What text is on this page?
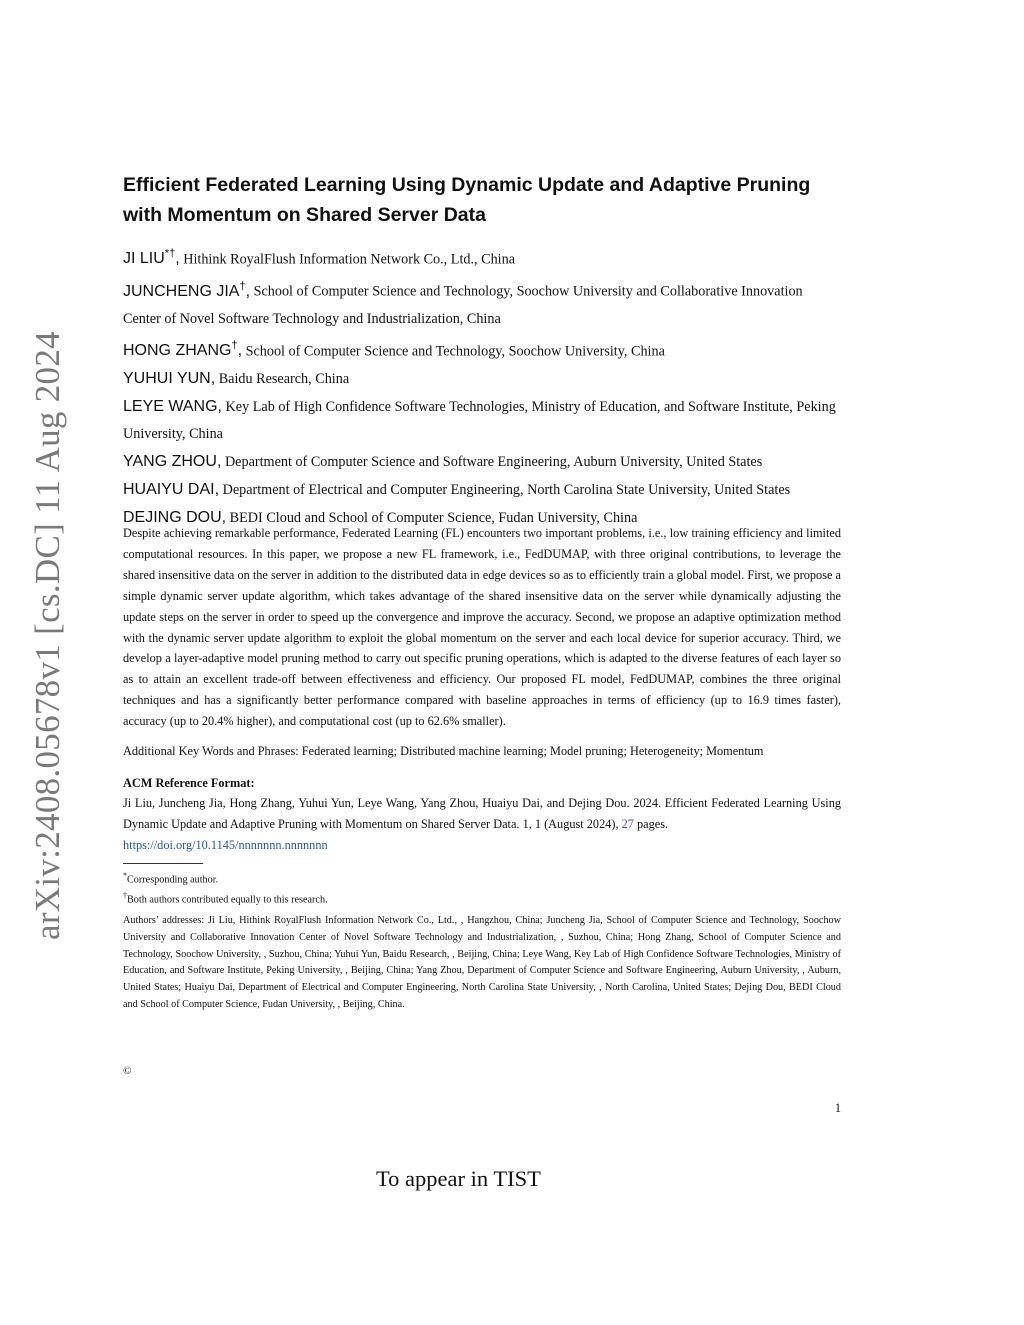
arXiv:2408.05678v1 [cs.DC] 11 Aug 2024
Efficient Federated Learning Using Dynamic Update and Adaptive Pruning with Momentum on Shared Server Data

JI LIU*†, Hithink RoyalFlush Information Network Co., Ltd., China

JUNCHENG JIA†, School of Computer Science and Technology, Soochow University and Collaborative Innovation Center of Novel Software Technology and Industrialization, China

HONG ZHANG†, School of Computer Science and Technology, Soochow University, China

YUHUI YUN, Baidu Research, China

LEYE WANG, Key Lab of High Confidence Software Technologies, Ministry of Education, and Software Institute, Peking University, China

YANG ZHOU, Department of Computer Science and Software Engineering, Auburn University, United States

HUAIYU DAI, Department of Electrical and Computer Engineering, North Carolina State University, United States

DEJING DOU, BEDI Cloud and School of Computer Science, Fudan University, China

Despite achieving remarkable performance, Federated Learning (FL) encounters two important problems, i.e., low training efficiency and limited computational resources. In this paper, we propose a new FL framework, i.e., FedDUMAP, with three original contributions, to leverage the shared insensitive data on the server in addition to the distributed data in edge devices so as to efficiently train a global model. First, we propose a simple dynamic server update algorithm, which takes advantage of the shared insensitive data on the server while dynamically adjusting the update steps on the server in order to speed up the convergence and improve the accuracy. Second, we propose an adaptive optimization method with the dynamic server update algorithm to exploit the global momentum on the server and each local device for superior accuracy. Third, we develop a layer-adaptive model pruning method to carry out specific pruning operations, which is adapted to the diverse features of each layer so as to attain an excellent trade-off between effectiveness and efficiency. Our proposed FL model, FedDUMAP, combines the three original techniques and has a significantly better performance compared with baseline approaches in terms of efficiency (up to 16.9 times faster), accuracy (up to 20.4% higher), and computational cost (up to 62.6% smaller).

Additional Key Words and Phrases: Federated learning; Distributed machine learning; Model pruning; Heterogeneity; Momentum

ACM Reference Format:

Ji Liu, Juncheng Jia, Hong Zhang, Yuhui Yun, Leye Wang, Yang Zhou, Huaiyu Dai, and Dejing Dou. 2024. Efficient Federated Learning Using Dynamic Update and Adaptive Pruning with Momentum on Shared Server Data. 1, 1 (August 2024), 27 pages.
https://doi.org/10.1145/nnnnnnn.nnnnnnn

*Corresponding author.

†Both authors contributed equally to this research.

Authors’ addresses: Ji Liu, Hithink RoyalFlush Information Network Co., Ltd., , Hangzhou, China; Juncheng Jia, School of Computer Science and Technology, Soochow University and Collaborative Innovation Center of Novel Software Technology and Industrialization, , Suzhou, China; Hong Zhang, School of Computer Science and Technology, Soochow University, , Suzhou, China; Yuhui Yun, Baidu Research, , Beijing, China; Leye Wang, Key Lab of High Confidence Software Technologies, Ministry of Education, and Software Institute, Peking University, , Beijing, China; Yang Zhou, Department of Computer Science and Software Engineering, Auburn University, , Auburn, United States; Huaiyu Dai, Department of Electrical and Computer Engineering, North Carolina State University, , North Carolina, United States; Dejing Dou, BEDI Cloud and School of Computer Science, Fudan University, , Beijing, China.

©
1

To appear in TIST
